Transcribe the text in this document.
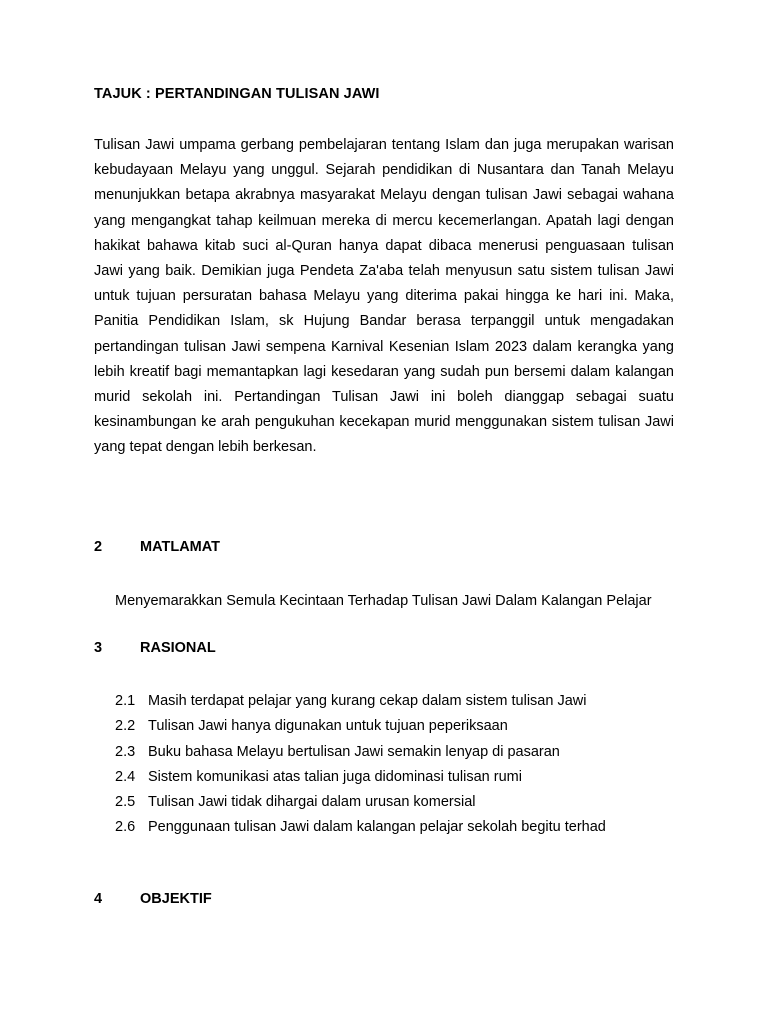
TAJUK : PERTANDINGAN TULISAN JAWI

Tulisan Jawi umpama gerbang pembelajaran tentang Islam dan juga merupakan warisan kebudayaan Melayu yang unggul. Sejarah pendidikan di Nusantara dan Tanah Melayu menunjukkan betapa akrabnya masyarakat Melayu dengan tulisan Jawi sebagai wahana yang mengangkat tahap keilmuan mereka di mercu kecemerlangan. Apatah lagi dengan hakikat bahawa kitab suci al-Quran hanya dapat dibaca menerusi penguasaan tulisan Jawi yang baik. Demikian juga Pendeta Za'aba telah menyusun satu sistem tulisan Jawi untuk tujuan persuratan bahasa Melayu yang diterima pakai hingga ke hari ini. Maka, Panitia Pendidikan Islam, sk Hujung Bandar berasa terpanggil untuk mengadakan pertandingan tulisan Jawi sempena Karnival Kesenian Islam 2023 dalam kerangka yang lebih kreatif bagi memantapkan lagi kesedaran yang sudah pun bersemi dalam kalangan murid sekolah ini. Pertandingan Tulisan Jawi ini boleh dianggap sebagai suatu kesinambungan ke arah pengukuhan kecekapan murid menggunakan sistem tulisan Jawi yang tepat dengan lebih berkesan.

2	MATLAMAT

Menyemarakkan Semula Kecintaan Terhadap Tulisan Jawi Dalam Kalangan Pelajar

3	RASIONAL
2.1 Masih terdapat pelajar yang kurang cekap dalam sistem tulisan Jawi
2.2 Tulisan Jawi hanya digunakan untuk tujuan peperiksaan
2.3 Buku bahasa Melayu bertulisan Jawi semakin lenyap di pasaran
2.4 Sistem komunikasi atas talian juga didominasi tulisan rumi
2.5 Tulisan Jawi tidak dihargai dalam urusan komersial
2.6 Penggunaan tulisan Jawi dalam kalangan pelajar sekolah begitu terhad
4	OBJEKTIF
